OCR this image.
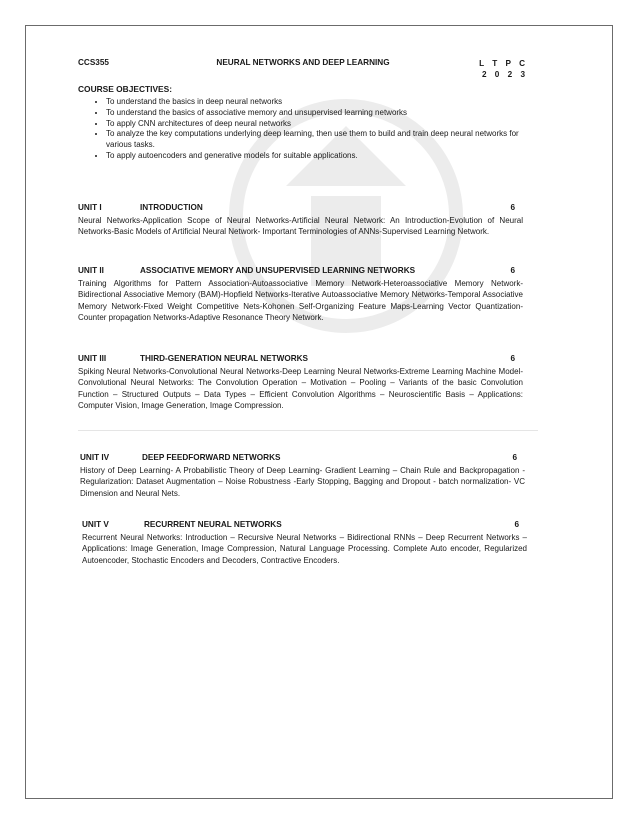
CCS355	NEURAL NETWORKS AND DEEP LEARNING	L T P C
2 0 2 3
COURSE OBJECTIVES:
• To understand the basics in deep neural networks
• To understand the basics of associative memory and unsupervised learning networks
• To apply CNN architectures of deep neural networks
• To analyze the key computations underlying deep learning, then use them to build and train deep neural networks for various tasks.
• To apply autoencoders and generative models for suitable applications.
UNIT I	INTRODUCTION	6
Neural Networks-Application Scope of Neural Networks-Artificial Neural Network: An Introduction-Evolution of Neural Networks-Basic Models of Artificial Neural Network- Important Terminologies of ANNs-Supervised Learning Network.
UNIT II	ASSOCIATIVE MEMORY AND UNSUPERVISED LEARNING NETWORKS	6
Training Algorithms for Pattern Association-Autoassociative Memory Network-Heteroassociative Memory Network-Bidirectional Associative Memory (BAM)-Hopfield Networks-Iterative Autoassociative Memory Networks-Temporal Associative Memory Network-Fixed Weight Competitive Nets-Kohonen Self-Organizing Feature Maps-Learning Vector Quantization-Counter propagation Networks-Adaptive Resonance Theory Network.
UNIT III	THIRD-GENERATION NEURAL NETWORKS	6
Spiking Neural Networks-Convolutional Neural Networks-Deep Learning Neural Networks-Extreme Learning Machine Model-Convolutional Neural Networks: The Convolution Operation – Motivation – Pooling – Variants of the basic Convolution Function – Structured Outputs – Data Types – Efficient Convolution Algorithms – Neuroscientific Basis – Applications: Computer Vision, Image Generation, Image Compression.
UNIT IV	DEEP FEEDFORWARD NETWORKS	6
History of Deep Learning- A Probabilistic Theory of Deep Learning- Gradient Learning – Chain Rule and Backpropagation - Regularization: Dataset Augmentation – Noise Robustness -Early Stopping, Bagging and Dropout - batch normalization- VC Dimension and Neural Nets.
UNIT V	RECURRENT NEURAL NETWORKS	6
Recurrent Neural Networks: Introduction – Recursive Neural Networks – Bidirectional RNNs – Deep Recurrent Networks – Applications: Image Generation, Image Compression, Natural Language Processing. Complete Auto encoder, Regularized Autoencoder, Stochastic Encoders and Decoders, Contractive Encoders.
